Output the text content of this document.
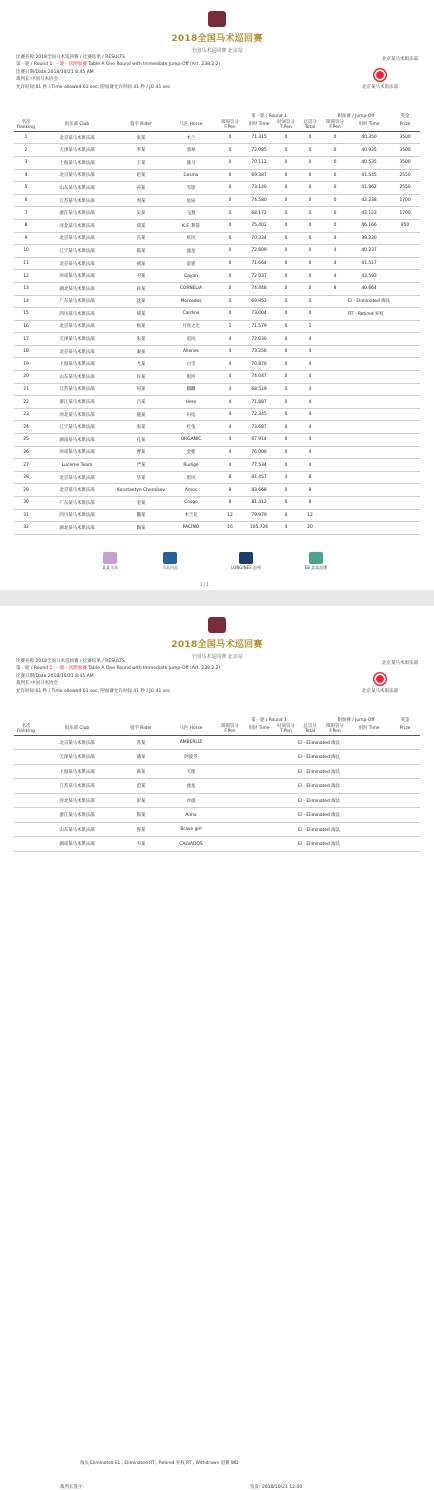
2018全国马术巡回赛
全国马术巡回赛 北京站
北京某马术俱乐部
北京某马术俱乐部
比赛名称:2018全国马术巡回赛 / 比赛结果 / RESULTS
第一轮 / Round 1: 一轮一次附加赛 Table A One Round with Immediate Jump-Off (Art. 238.2.2)
比赛日期/Date:2018/10/21 8:45 AM
裁判长:中国马术协会
允许时间:61 秒 / Time allowed 61 sec, 附加赛允许时间 41 秒 / JO 41 sec
				第一轮 / Round 1				附加赛 / Jump-Off		奖金
名次 Ranking	俱乐部 Club	骑手 Rider	马匹 Horse	障碍罚分 F.Pen	用时 Time	时间罚分 T.Pen	总罚分 Total	障碍罚分 F.Pen	用时 Time	Prize
1	北京某马术俱乐部	张某	木兰	0	71.315	0	0	0	40.350	3500
2	天津某马术俱乐部	李某	翡翠	0	72.085	0	0	0	40.935	3500
3	上海某马术俱乐部	王某	骏马	0	70.112	0	0	0	40.535	3500
4	北京某马术俱乐部	赵某	Cosmo	0	69.387	0	0	0	41.545	2550
5	山东某马术俱乐部	孙某	雪影	0	73.140	0	0	0	41.962	2550
6	江苏某马术俱乐部	周某	星辰	0	74.580	0	0	0	42.238	1700
7	浙江某马术俱乐部	吴某	飞燕	0	68.172	0	0	0	43.123	1700
8	河北某马术俱乐部	郑某	K.F. 利箭	0	75.402	0	0	0	46.166	850
9	北京某马术俱乐部	冯某	疾风	0	70.334	0	0	4	39.230	
10	辽宁某马术俱乐部	陈某	流星	0	72.609	0	0	4	40.237	
11	北京某马术俱乐部	褚某	雷霆	0	71.664	0	0	4	41.517	
12	河南某马术俱乐部	卫某	Cayan	0	72.037	0	0	4	43.593	
13	湖北某马术俱乐部	蒋某	CORNELIA	0	74.448	0	0	8	40.664	
14	广东某马术俱乐部	沈某	Mercedes	0	69.953	0	0		El - Eliminated 淘汰	
15	四川某马术俱乐部	韩某	Cardino	0	73.004	0	0		RT - Retired 弃权	
16	北京某马术俱乐部	杨某	月亮之光	1	71.579	0	1			
17	天津某马术俱乐部	朱某	追风	4	72.030	0	4			
18	北京某马术俱乐部	秦某	Allenes	4	73.256	0	4			
19	上海某马术俱乐部	尤某	白雪	4	70.870	0	4			
20	山东某马术俱乐部	许某	银河	4	74.047	0	4			
21	江苏某马术俱乐部	何某	麒麟	4	68.519	0	4			
22	浙江某马术俱乐部	吕某	Hero	4	71.887	0	4			
23	河北某马术俱乐部	施某	闪电	4	72.345	0	4			
24	辽宁某马术俱乐部	张某	红兔	4	73.687	0	4			
25	湖南某马术俱乐部	孔某	ORGANIC	4	67.914	0	4			
26	河南某马术俱乐部	曹某	金鹿	4	76.000	0	4			
27	Lucerne Team	严某	Rudige	4	77.534	0	4			
28	北京某马术俱乐部	华某	黑风	8	81.457	4	8			
29	北京某马术俱乐部	Konstantyn Chernikov	Amos	8	83.668	0	8			
30	广东某马术俱乐部	金某	Cosgo	8	81.412	0	8			
31	四川某马术俱乐部	魏某	木兰花	12	79.979	0	12			
32	湖北某马术俱乐部	陶某	PACINO	16	105.726	4	20			
某某马术	马术用品	LONGINES 浪琴	EB 某某品牌
1 / 1
2018全国马术巡回赛
全国马术巡回赛 北京站
北京某马术俱乐部
北京某马术俱乐部
比赛名称:2018全国马术巡回赛 / 比赛结果 / RESULTS
第一轮 / Round 1: 一轮一次附加赛 Table A One Round with Immediate Jump-Off (Art. 238.2.2)
比赛日期/Date:2018/10/21 8:45 AM
裁判长:中国马术协会
允许时间:61 秒 / Time allowed 61 sec, 附加赛允许时间 41 秒 / JO 41 sec
				第一轮 / Round 1				附加赛 / Jump-Off		奖金
名次 Ranking	俱乐部 Club	骑手 Rider	马匹 Horse	障碍罚分 F.Pen	用时 Time	时间罚分 T.Pen	总罚分 Total	障碍罚分 F.Pen	用时 Time	Prize
	北京某马术俱乐部	苏某	AMBERLIZ				El - Eliminated 淘汰			
	天津某马术俱乐部	潘某	阿波罗				El - Eliminated 淘汰			
	上海某马术俱乐部	葛某	天使				El - Eliminated 淘汰			
	江苏某马术俱乐部	范某	流星				El - Eliminated 淘汰			
	河北某马术俱乐部	彭某	沙漠				El - Eliminated 淘汰			
	浙江某马术俱乐部	郎某	Alma				El - Eliminated 淘汰			
	山东某马术俱乐部	鲁某	Brave girl				El - Eliminated 淘汰			
	湖南某马术俱乐部	韦某	CALVADOS				El - Eliminated 淘汰			
淘汰 Eliminated EL , Eliminated RT , Retired 弃权 RT , Withdrawn 退赛 WD
裁判长签字:	签发: 2018/10/21 12:00
